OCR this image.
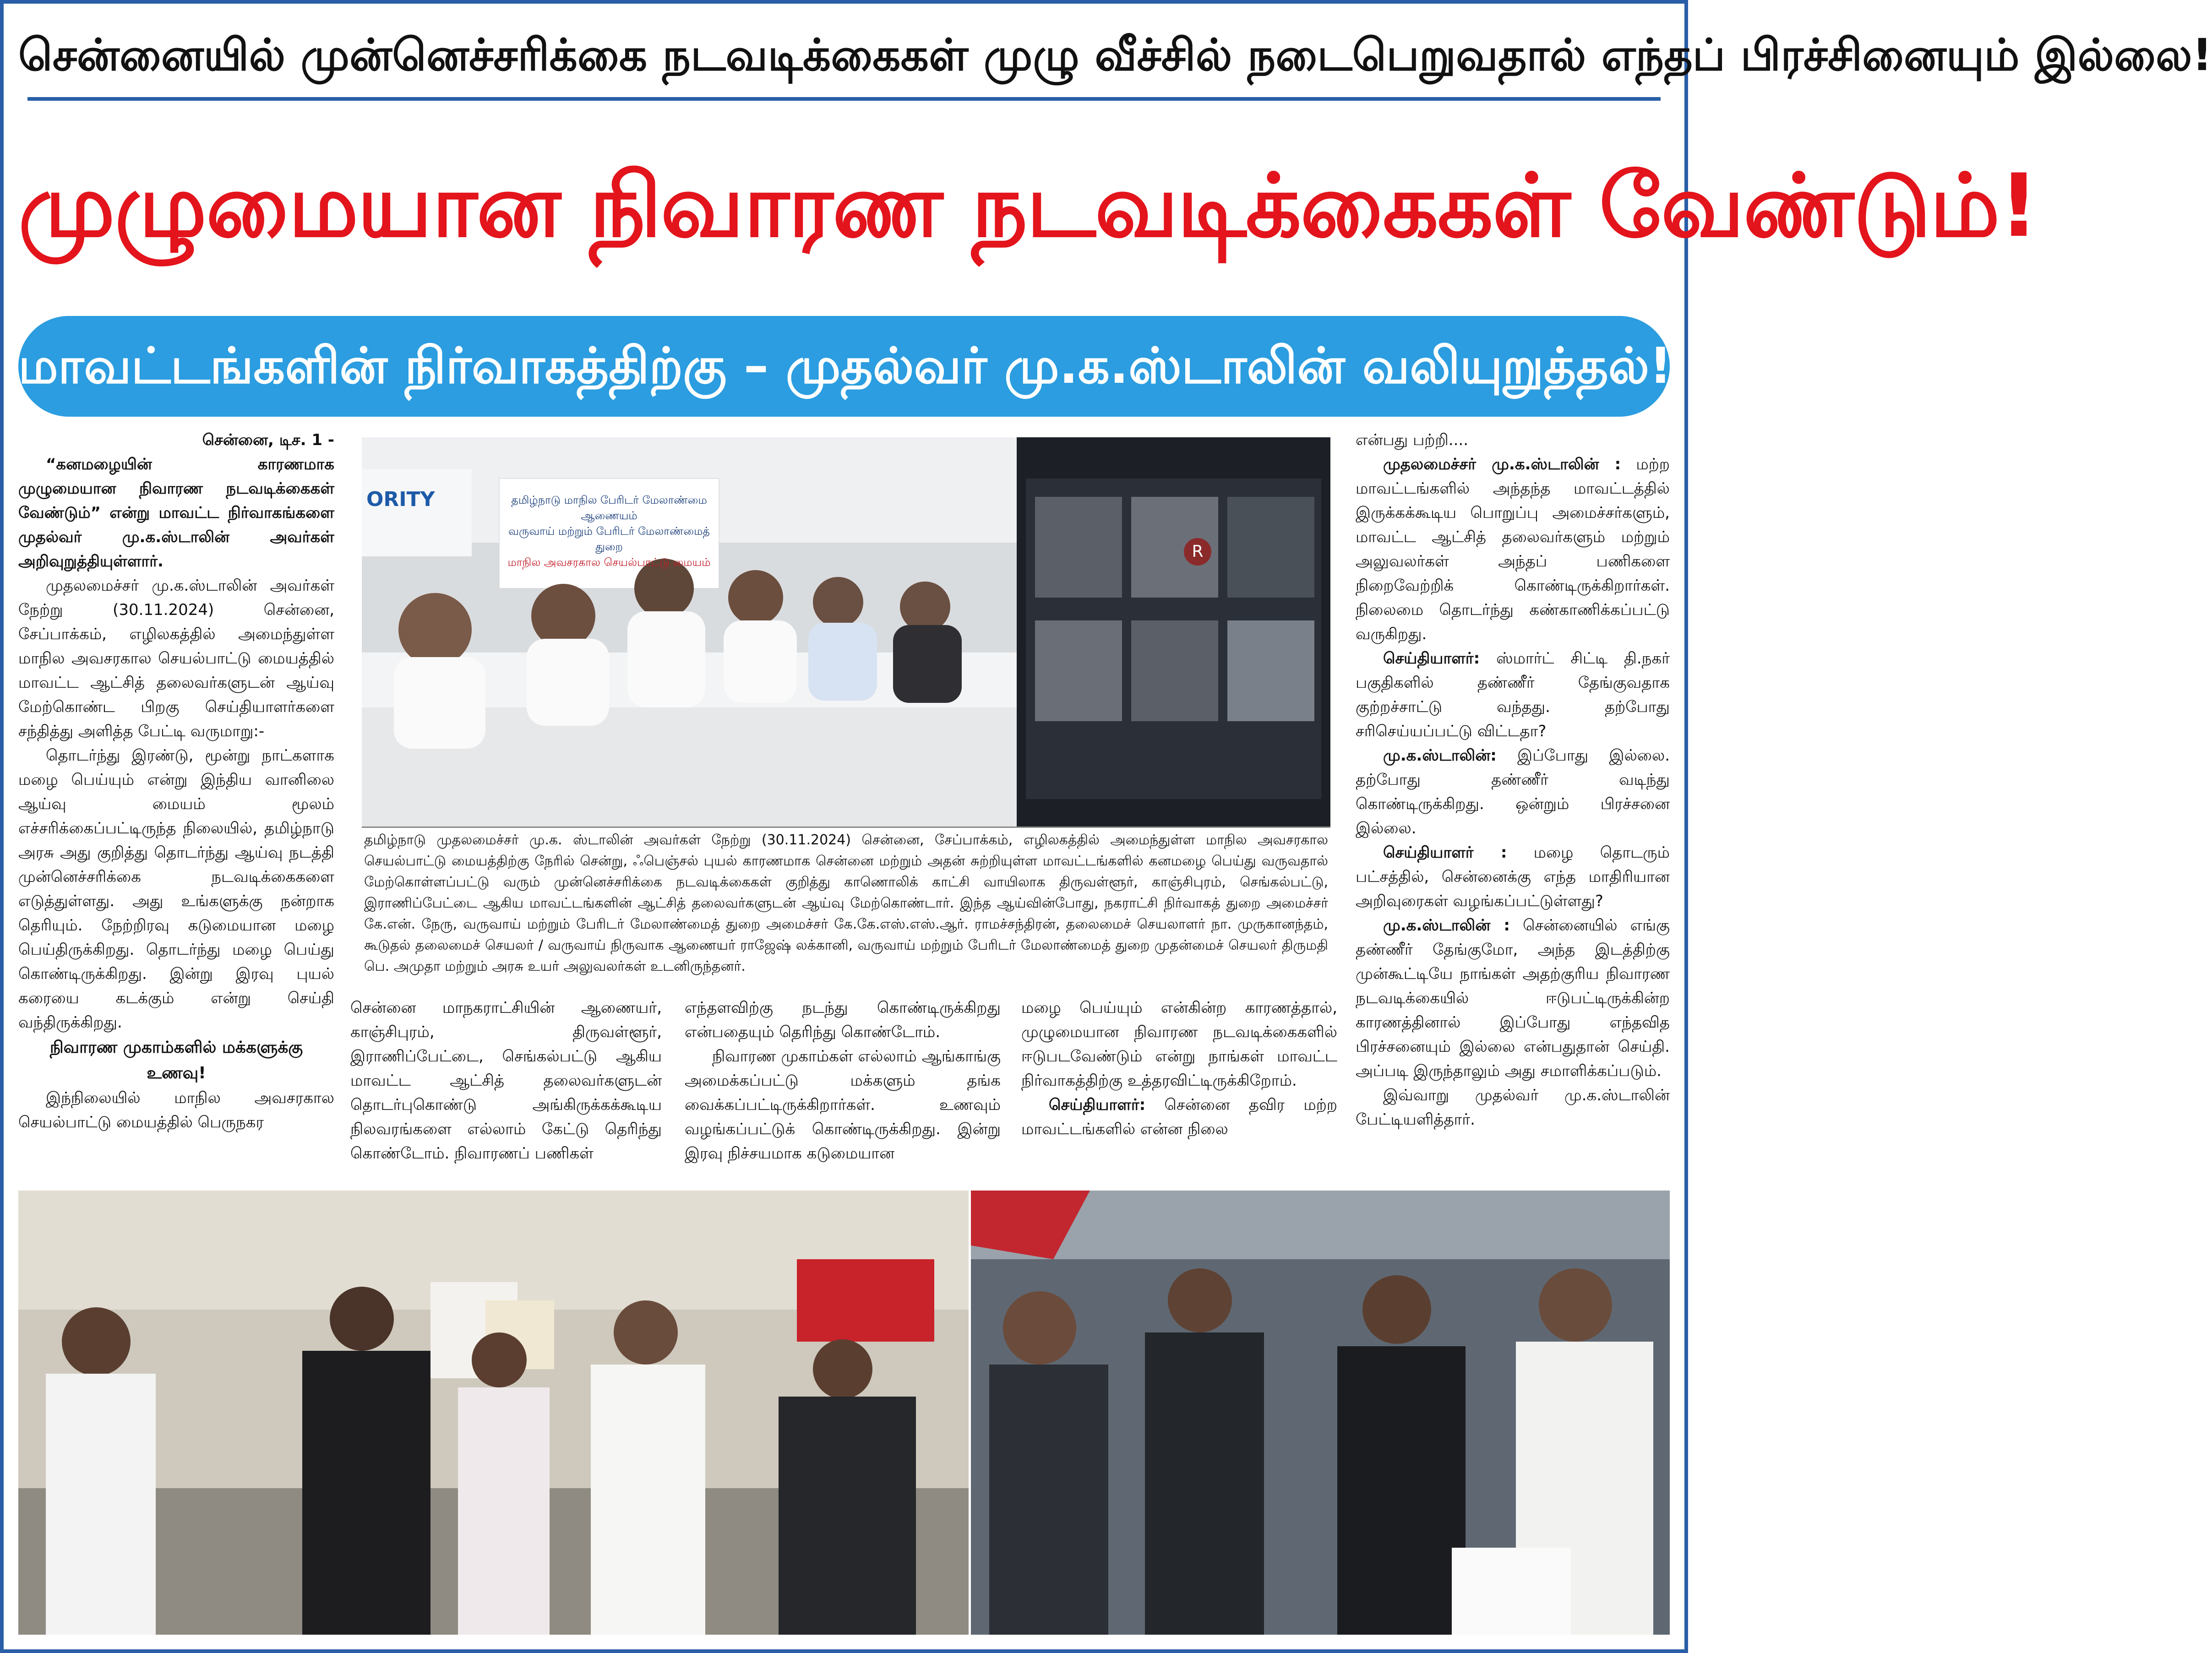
சென்னையில் முன்னெச்சரிக்கை நடவடிக்கைகள் முழு வீச்சில் நடைபெறுவதால் எந்தப் பிரச்சினையும் இல்லை!
முழுமையான நிவாரண நடவடிக்கைகள் வேண்டும்!
மாவட்டங்களின் நிர்வாகத்திற்கு – முதல்வர் மு.க.ஸ்டாலின் வலியுறுத்தல்!

சென்னை, டிச. 1 -

“கனமழையின் காரணமாக முழுமையான நிவாரண நடவடிக்கைகள் வேண்டும்” என்று மாவட்ட நிர்வாகங்களை முதல்வர் மு.க.ஸ்டாலின் அவர்கள் அறிவுறுத்தியுள்ளார்.

முதலமைச்சர் மு.க.ஸ்டாலின் அவர்கள் நேற்று (30.11.2024) சென்னை, சேப்பாக்கம், எழிலகத்தில் அமைந்துள்ள மாநில அவசரகால செயல்பாட்டு மையத்தில் மாவட்ட ஆட்சித் தலைவர்களுடன் ஆய்வு மேற்கொண்ட பிறகு செய்தியாளர்களை சந்தித்து அளித்த பேட்டி வருமாறு:-

தொடர்ந்து இரண்டு, மூன்று நாட்களாக மழை பெய்யும் என்று இந்திய வானிலை ஆய்வு மையம் மூலம் எச்சரிக்கைப்பட்டிருந்த நிலையில், தமிழ்நாடு அரசு அது குறித்து தொடர்ந்து ஆய்வு நடத்தி முன்னெச்சரிக்கை நடவடிக்கைகளை எடுத்துள்ளது. அது உங்களுக்கு நன்றாக தெரியும். நேற்றிரவு கடுமையான மழை பெய்திருக்கிறது. தொடர்ந்து மழை பெய்து கொண்டிருக்கிறது. இன்று இரவு புயல் கரையை கடக்கும் என்று செய்தி வந்திருக்கிறது.

நிவாரண முகாம்களில் மக்களுக்கு உணவு!

இந்நிலையில் மாநில அவசரகால செயல்பாட்டு மையத்தில் பெருநகர

ORITY	தமிழ்நாடு மாநில பேரிடர் மேலாண்மை ஆணையம்
வருவாய் மற்றும் பேரிடர் மேலாண்மைத் துறை
மாநில அவசரகால செயல்பாட்டு மையம்
R
தமிழ்நாடு முதலமைச்சர் மு.க. ஸ்டாலின் அவர்கள் நேற்று (30.11.2024) சென்னை, சேப்பாக்கம், எழிலகத்தில் அமைந்துள்ள மாநில அவசரகால செயல்பாட்டு மையத்திற்கு நேரில் சென்று, ஃபெஞ்சல் புயல் காரணமாக சென்னை மற்றும் அதன் சுற்றியுள்ள மாவட்டங்களில் கனமழை பெய்து வருவதால் மேற்கொள்ளப்பட்டு வரும் முன்னெச்சரிக்கை நடவடிக்கைகள் குறித்து காணொலிக் காட்சி வாயிலாக திருவள்ளூர், காஞ்சிபுரம், செங்கல்பட்டு, இராணிப்பேட்டை ஆகிய மாவட்டங்களின் ஆட்சித் தலைவர்களுடன் ஆய்வு மேற்கொண்டார். இந்த ஆய்வின்போது, நகராட்சி நிர்வாகத் துறை அமைச்சர் கே.என். நேரு, வருவாய் மற்றும் பேரிடர் மேலாண்மைத் துறை அமைச்சர் கே.கே.எஸ்.எஸ்.ஆர். ராமச்சந்திரன், தலைமைச் செயலாளர் நா. முருகானந்தம், கூடுதல் தலைமைச் செயலர் / வருவாய் நிருவாக ஆணையர் ராஜேஷ் லக்கானி, வருவாய் மற்றும் பேரிடர் மேலாண்மைத் துறை முதன்மைச் செயலர் திருமதி பெ. அமுதா மற்றும் அரசு உயர் அலுவலர்கள் உடனிருந்தனர்.

சென்னை மாநகராட்சியின் ஆணையர், காஞ்சிபுரம், திருவள்ளூர், இராணிப்பேட்டை, செங்கல்பட்டு ஆகிய மாவட்ட ஆட்சித் தலைவர்களுடன் தொடர்புகொண்டு அங்கிருக்கக்கூடிய நிலவரங்களை எல்லாம் கேட்டு தெரிந்து கொண்டோம். நிவாரணப் பணிகள்

எந்தளவிற்கு நடந்து கொண்டிருக்கிறது என்பதையும் தெரிந்து கொண்டோம்.

நிவாரண முகாம்கள் எல்லாம் ஆங்காங்கு அமைக்கப்பட்டு மக்களும் தங்க வைக்கப்பட்டிருக்கிறார்கள். உணவும் வழங்கப்பட்டுக் கொண்டிருக்கிறது. இன்று இரவு நிச்சயமாக கடுமையான

மழை பெய்யும் என்கின்ற காரணத்தால், முழுமையான நிவாரண நடவடிக்கைகளில் ஈடுபடவேண்டும் என்று நாங்கள் மாவட்ட நிர்வாகத்திற்கு உத்தரவிட்டிருக்கிறோம்.

செய்தியாளர்: சென்னை தவிர மற்ற மாவட்டங்களில் என்ன நிலை

என்பது பற்றி....

முதலமைச்சர் மு.க.ஸ்டாலின் : மற்ற மாவட்டங்களில் அந்தந்த மாவட்டத்தில் இருக்கக்கூடிய பொறுப்பு அமைச்சர்களும், மாவட்ட ஆட்சித் தலைவர்களும் மற்றும் அலுவலர்கள் அந்தப் பணிகளை நிறைவேற்றிக் கொண்டிருக்கிறார்கள். நிலைமை தொடர்ந்து கண்காணிக்கப்பட்டு வருகிறது.

செய்தியாளர்: ஸ்மார்ட் சிட்டி தி.நகர் பகுதிகளில் தண்ணீர் தேங்குவதாக குற்றச்சாட்டு வந்தது. தற்போது சரிசெய்யப்பட்டு விட்டதா?

மு.க.ஸ்டாலின்: இப்போது இல்லை. தற்போது தண்ணீர் வடிந்து கொண்டிருக்கிறது. ஒன்றும் பிரச்சனை இல்லை.

செய்தியாளர் : மழை தொடரும் பட்சத்தில், சென்னைக்கு எந்த மாதிரியான அறிவுரைகள் வழங்கப்பட்டுள்ளது?

மு.க.ஸ்டாலின் : சென்னையில் எங்கு தண்ணீர் தேங்குமோ, அந்த இடத்திற்கு முன்கூட்டியே நாங்கள் அதற்குரிய நிவாரண நடவடிக்கையில் ஈடுபட்டிருக்கின்ற காரணத்தினால் இப்போது எந்தவித பிரச்சனையும் இல்லை என்பதுதான் செய்தி. அப்படி இருந்தாலும் அது சமாளிக்கப்படும்.

இவ்வாறு முதல்வர் மு.க.ஸ்டாலின் பேட்டியளித்தார்.
